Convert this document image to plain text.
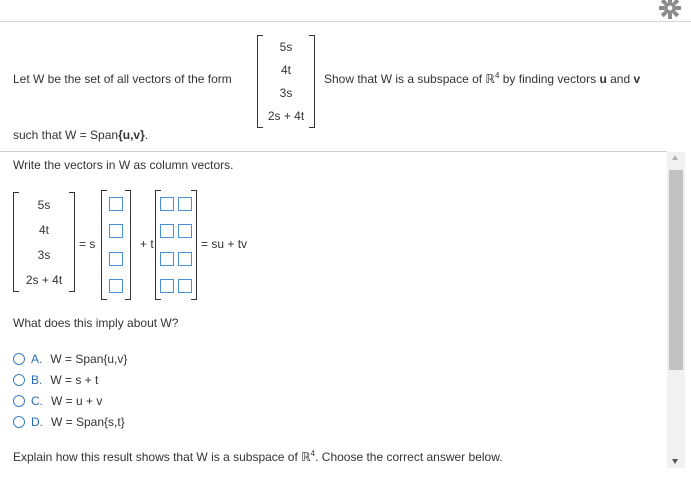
Let W be the set of all vectors of the form
5s
4t
3s
2s + 4t
Show that W is a subspace of ℝ$^4$ by finding vectors u and v
such that W = Span{u,v}.
Write the vectors in W as column vectors.
5s
4t
3s
2s + 4t
= s	+ t	= su + tv
What does this imply about W?
A. W = Span{u,v}
B. W = s + t
C. W = u + v
D. W = Span{s,t}
Explain how this result shows that W is a subspace of ℝ$^4$. Choose the correct answer below.
